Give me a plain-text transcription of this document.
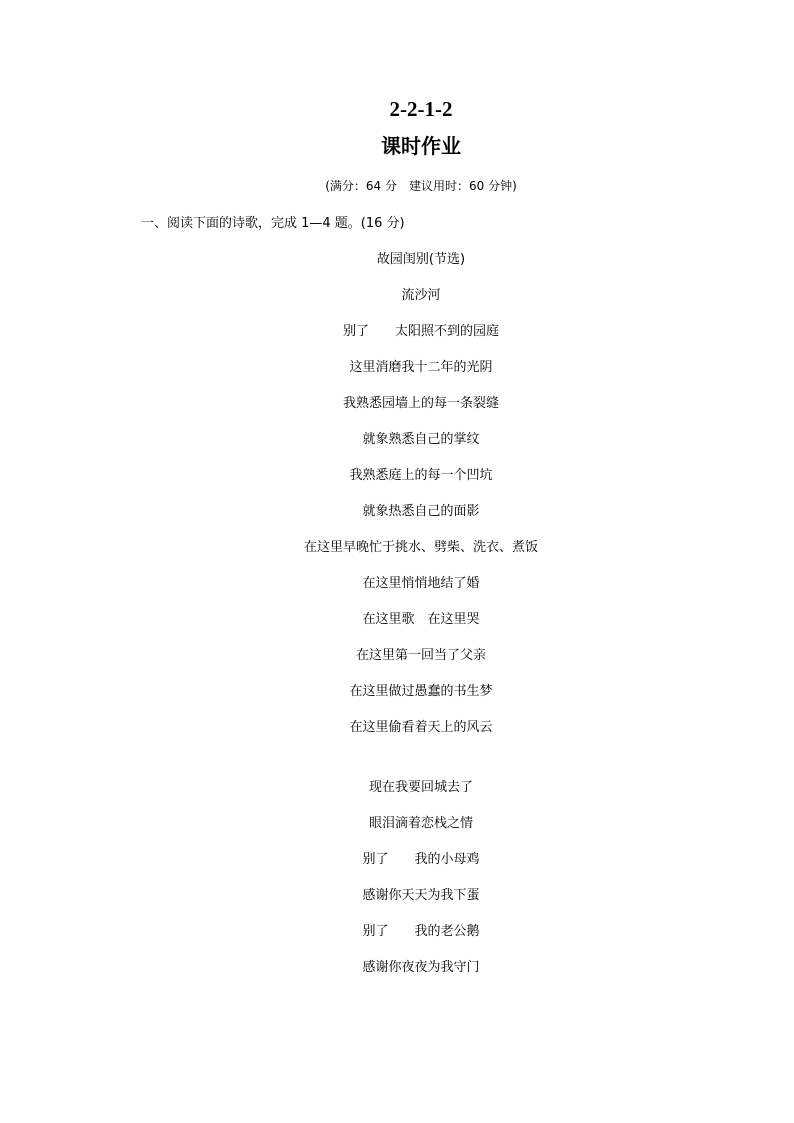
2-2-1-2
课时作业
(满分：64 分　建议用时：60 分钟)
一、阅读下面的诗歌，完成 1—4 题。(16 分)
故园闺别(节选)
流沙河
别了　　太阳照不到的园庭
这里消磨我十二年的光阴
我熟悉园墙上的每一条裂缝
就象熟悉自己的掌纹
我熟悉庭上的每一个凹坑
就象热悉自己的面影
在这里早晚忙于挑水、劈柴、洗衣、煮饭
在这里悄悄地结了婚
在这里歌　在这里哭
在这里第一回当了父亲
在这里做过愚蠢的书生梦
在这里偷看着天上的风云
现在我要回城去了
眼泪滴着恋栈之情
别了　　我的小母鸡
感谢你天天为我下蛋
别了　　我的老公鹅
感谢你夜夜为我守门
